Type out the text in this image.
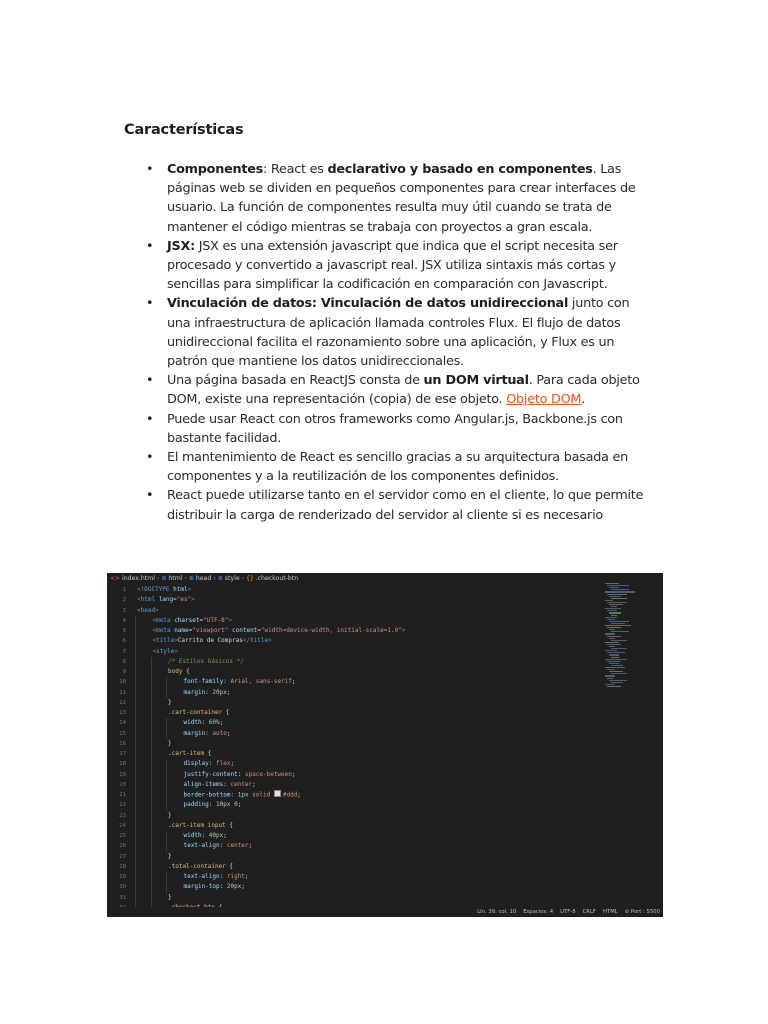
Características
• Componentes: React es declarativo y basado en componentes. Las páginas web se dividen en pequeños componentes para crear interfaces de usuario. La función de componentes resulta muy útil cuando se trata de mantener el código mientras se trabaja con proyectos a gran escala.
• JSX: JSX es una extensión javascript que indica que el script necesita ser procesado y convertido a javascript real. JSX utiliza sintaxis más cortas y sencillas para simplificar la codificación en comparación con Javascript.
• Vinculación de datos: Vinculación de datos unidireccional junto con una infraestructura de aplicación llamada controles Flux. El flujo de datos unidireccional facilita el razonamiento sobre una aplicación, y Flux es un patrón que mantiene los datos unidireccionales.
• Una página basada en ReactJS consta de un DOM virtual. Para cada objeto DOM, existe una representación (copia) de ese objeto. Objeto DOM.
• Puede usar React con otros frameworks como Angular.js, Backbone.js con bastante facilidad.
• El mantenimiento de React es sencillo gracias a su arquitectura basada en componentes y a la reutilización de los componentes definidos.
• React puede utilizarse tanto en el servidor como en el cliente, lo que permite distribuir la carga de renderizado del servidor al cliente si es necesario
<> index.html › ⊛ html › ⊛ head › ⊛ style › {} .checkout-btn
1 <!DOCTYPE html>
2 <html lang="es">
3 <head>
4	<meta charset="UTF-8">
5	<meta name="viewport" content="width=device-width, initial-scale=1.0">
6	<title>Carrito de Compras</title>
7	<style>
8	/* Estilos básicos */
9	body {
10	font-family: Arial, sans-serif;
11	margin: 20px;
12	}
13	.cart-container {
14	width: 60%;
15	margin: auto;
16	}
17	.cart-item {
18	display: flex;
19	justify-content: space-between;
20	align-items: center;
21	border-bottom: 1px solid #ddd;
22	padding: 10px 0;
23	}
24	.cart-item input {
25	width: 40px;
26	text-align: center;
27	}
28	.total-container {
29	text-align: right;
30	margin-top: 20px;
31	}
Lín. 39, col. 10 Espacios: 4 UTF-8 CRLF HTML ⊘ Port : 5500
